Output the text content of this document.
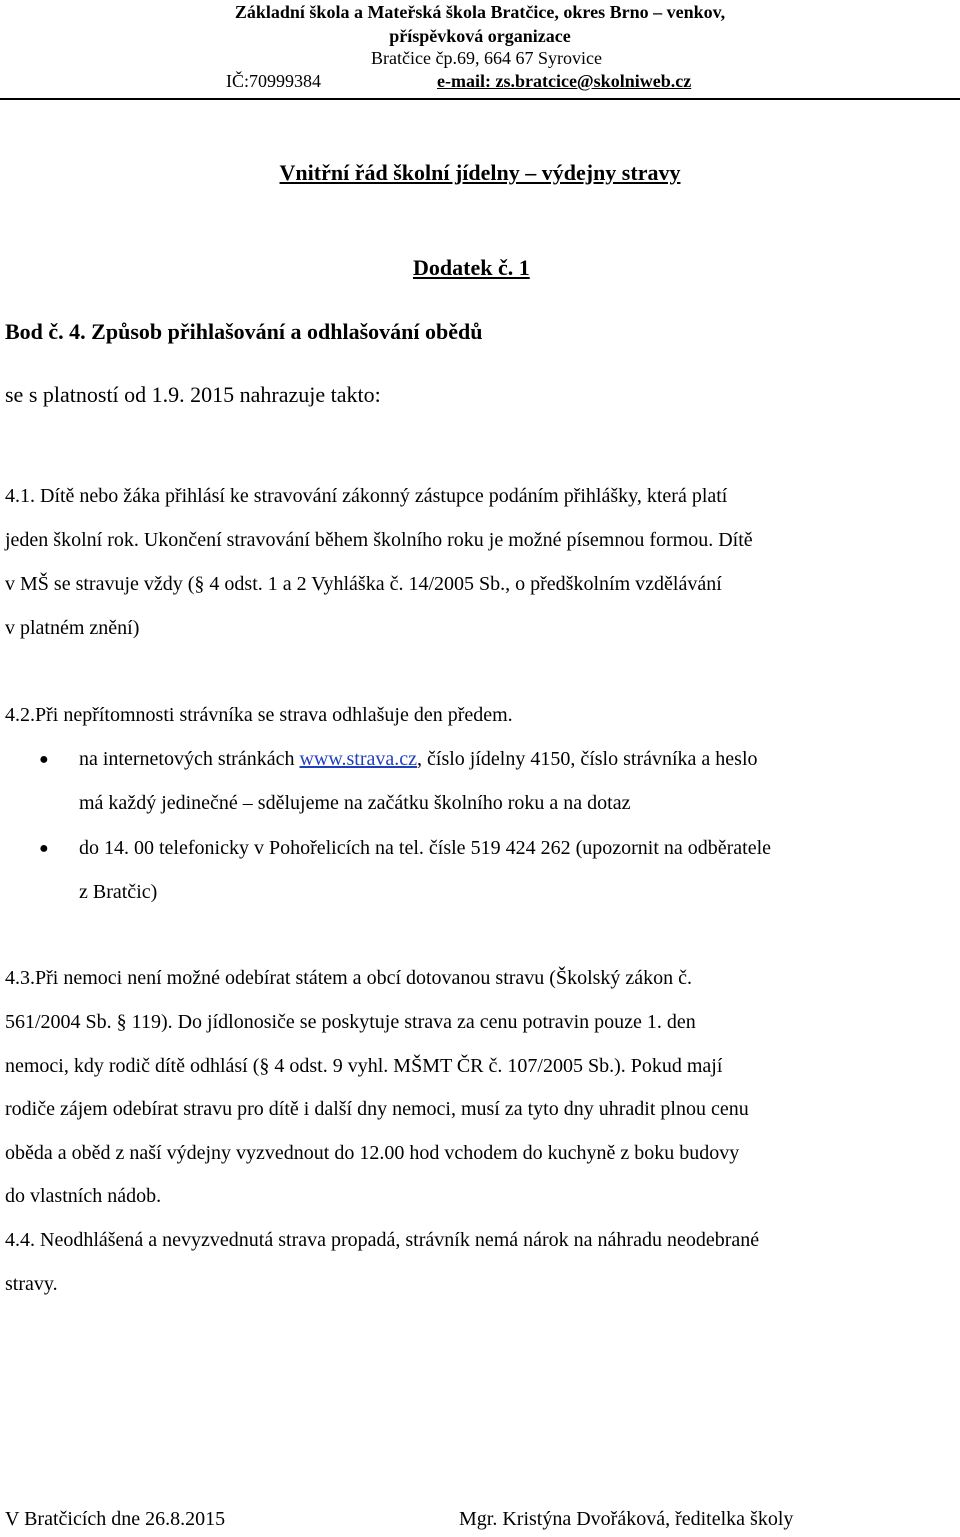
Základní škola a Mateřská škola Bratčice, okres Brno – venkov,
příspěvková organizace
Bratčice čp.69, 664 67 Syrovice
IČ:70999384	e-mail: zs.bratcice@skolniweb.cz
Vnitřní řád školní jídelny – výdejny stravy
Dodatek č. 1
Bod č. 4. Způsob přihlašování a odhlašování obědů
se s platností od 1.9. 2015 nahrazuje takto:
4.1. Dítě nebo žáka přihlásí ke stravování zákonný zástupce podáním přihlášky, která platí
jeden školní rok. Ukončení stravování během školního roku je možné písemnou formou. Dítě
v MŠ se stravuje vždy (§ 4 odst. 1 a 2 Vyhláška č. 14/2005 Sb., o předškolním vzdělávání
v platném znění)
4.2.Při nepřítomnosti strávníka se strava odhlašuje den předem.
● na internetových stránkách www.strava.cz, číslo jídelny 4150, číslo strávníka a heslo
má každý jedinečné – sdělujeme na začátku školního roku a na dotaz
● do 14. 00 telefonicky v Pohořelicích na tel. čísle 519 424 262 (upozornit na odběratele
z Bratčic)
4.3.Při nemoci není možné odebírat státem a obcí dotovanou stravu (Školský zákon č.
561/2004 Sb. § 119). Do jídlonosiče se poskytuje strava za cenu potravin pouze 1. den
nemoci, kdy rodič dítě odhlásí (§ 4 odst. 9 vyhl. MŠMT ČR č. 107/2005 Sb.). Pokud mají
rodiče zájem odebírat stravu pro dítě i další dny nemoci, musí za tyto dny uhradit plnou cenu
oběda a oběd z naší výdejny vyzvednout do 12.00 hod vchodem do kuchyně z boku budovy
do vlastních nádob.
4.4. Neodhlášená a nevyzvednutá strava propadá, strávník nemá nárok na náhradu neodebrané
stravy.
V Bratčicích dne 26.8.2015	Mgr. Kristýna Dvořáková, ředitelka školy
